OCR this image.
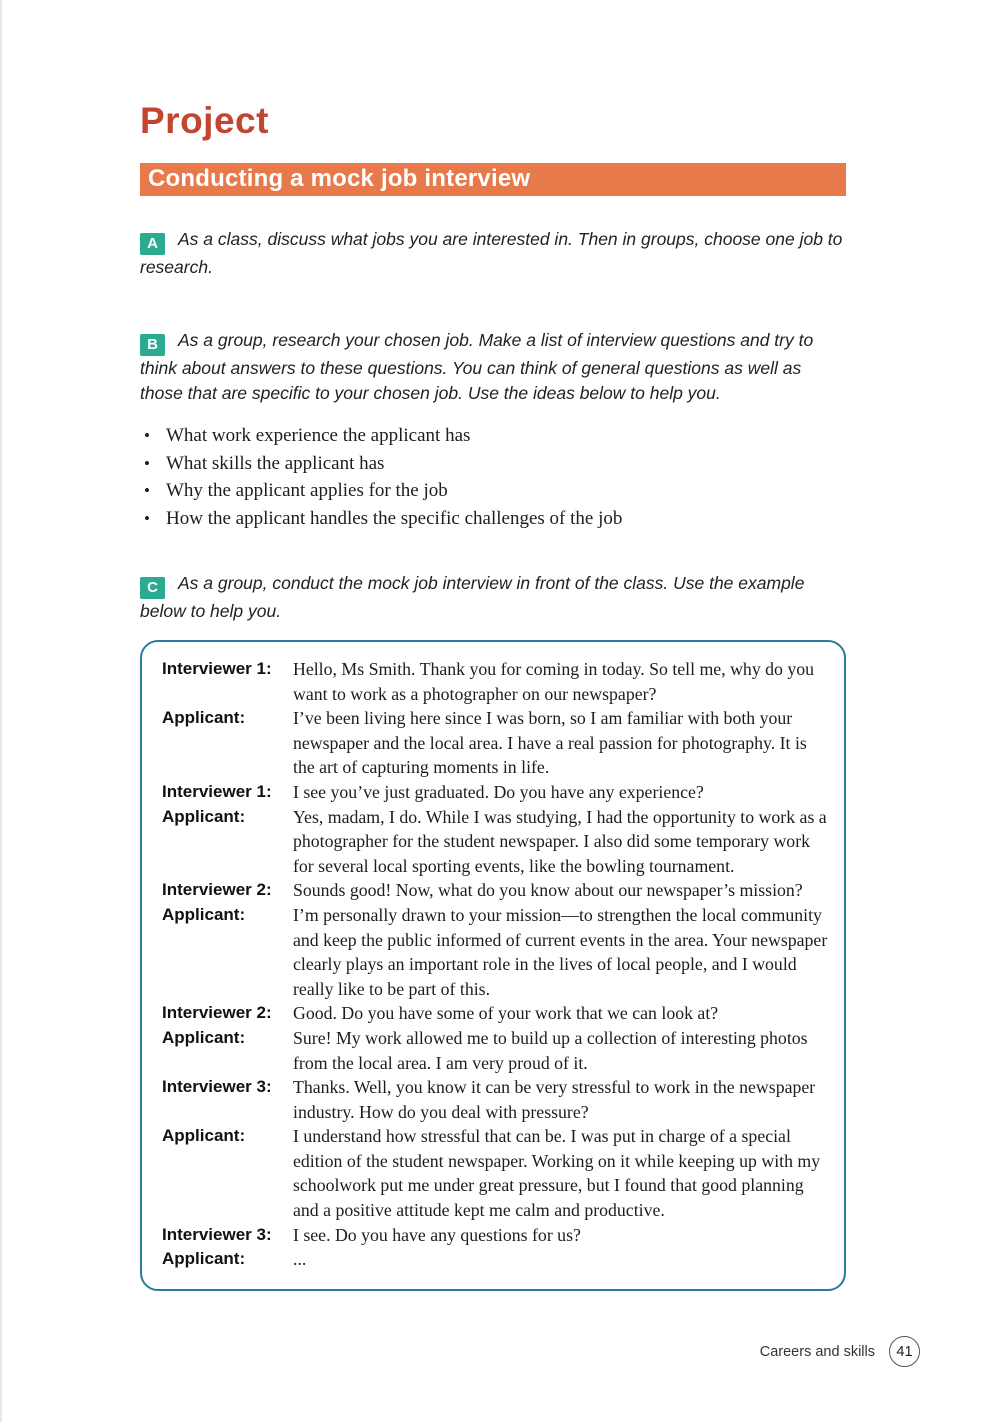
Project
Conducting a mock job interview

A As a class, discuss what jobs you are interested in. Then in groups, choose one job to research.

B As a group, research your chosen job. Make a list of interview questions and try to think about answers to these questions. You can think of general questions as well as those that are specific to your chosen job. Use the ideas below to help you.

• What work experience the applicant has
• What skills the applicant has
• Why the applicant applies for the job
• How the applicant handles the specific challenges of the job

C As a group, conduct the mock job interview in front of the class. Use the example below to help you.

Interviewer 1:	Hello, Ms Smith. Thank you for coming in today. So tell me, why do you want to work as a photographer on our newspaper?
Applicant:	I’ve been living here since I was born, so I am familiar with both your newspaper and the local area. I have a real passion for photography. It is the art of capturing moments in life.
Interviewer 1:	I see you’ve just graduated. Do you have any experience?
Applicant:	Yes, madam, I do. While I was studying, I had the opportunity to work as a photographer for the student newspaper. I also did some temporary work for several local sporting events, like the bowling tournament.
Interviewer 2:	Sounds good! Now, what do you know about our newspaper’s mission?
Applicant:	I’m personally drawn to your mission—to strengthen the local community and keep the public informed of current events in the area. Your newspaper clearly plays an important role in the lives of local people, and I would really like to be part of this.
Interviewer 2:	Good. Do you have some of your work that we can look at?
Applicant:	Sure! My work allowed me to build up a collection of interesting photos from the local area. I am very proud of it.
Interviewer 3:	Thanks. Well, you know it can be very stressful to work in the newspaper industry. How do you deal with pressure?
Applicant:	I understand how stressful that can be. I was put in charge of a special edition of the student newspaper. Working on it while keeping up with my schoolwork put me under great pressure, but I found that good planning and a positive attitude kept me calm and productive.
Interviewer 3:	I see. Do you have any questions for us?
Applicant:	...
Careers and skills	41
